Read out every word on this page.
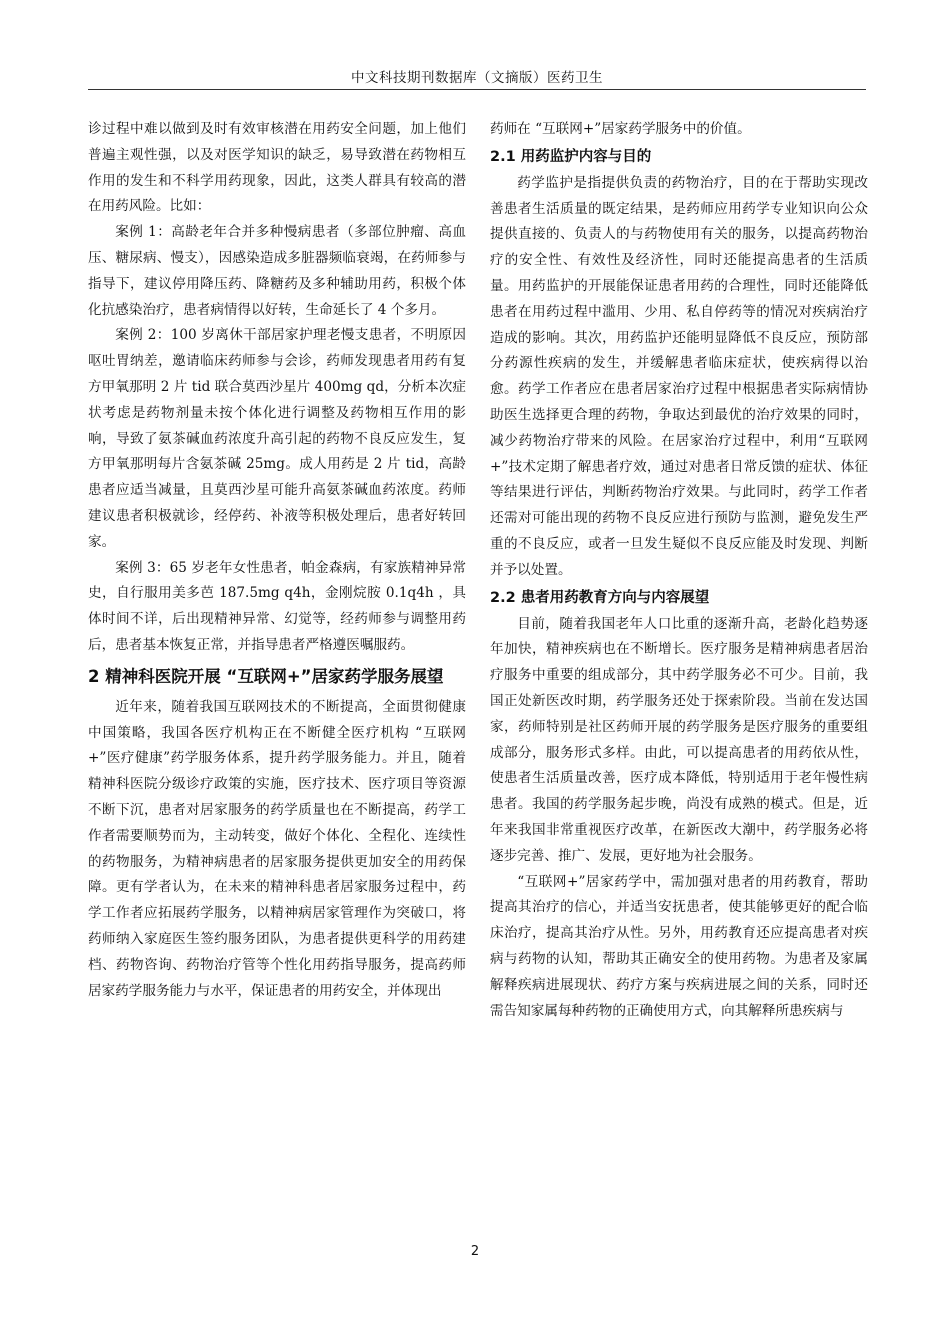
中文科技期刊数据库（文摘版）医药卫生

诊过程中难以做到及时有效审核潜在用药安全问题，加上他们普遍主观性强，以及对医学知识的缺乏，易导致潜在药物相互作用的发生和不科学用药现象，因此，这类人群具有较高的潜在用药风险。比如：

案例 1：高龄老年合并多种慢病患者（多部位肿瘤、高血压、糖尿病、慢支），因感染造成多脏器频临衰竭，在药师参与指导下，建议停用降压药、降糖药及多种辅助用药，积极个体化抗感染治疗，患者病情得以好转，生命延长了 4 个多月。

案例 2：100 岁离休干部居家护理老慢支患者，不明原因呕吐胃纳差，邀请临床药师参与会诊，药师发现患者用药有复方甲氧那明 2 片 tid 联合莫西沙星片 400mg qd，分析本次症状考虑是药物剂量未按个体化进行调整及药物相互作用的影响，导致了氨茶碱血药浓度升高引起的药物不良反应发生，复方甲氧那明每片含氨茶碱 25mg。成人用药是 2 片 tid，高龄患者应适当减量，且莫西沙星可能升高氨茶碱血药浓度。药师建议患者积极就诊，经停药、补液等积极处理后，患者好转回家。

案例 3：65 岁老年女性患者，帕金森病，有家族精神异常史，自行服用美多芭 187.5mg q4h，金刚烷胺 0.1q4h ，具体时间不详，后出现精神异常、幻觉等，经药师参与调整用药后，患者基本恢复正常，并指导患者严格遵医嘱服药。

2 精神科医院开展 “互联网+”居家药学服务展望

近年来，随着我国互联网技术的不断提高，全面贯彻健康中国策略，我国各医疗机构正在不断健全医疗机构 “互联网+”医疗健康”药学服务体系，提升药学服务能力。并且，随着精神科医院分级诊疗政策的实施，医疗技术、医疗项目等资源不断下沉，患者对居家服务的药学质量也在不断提高，药学工作者需要顺势而为，主动转变，做好个体化、全程化、连续性的药物服务，为精神病患者的居家服务提供更加安全的用药保障。更有学者认为，在未来的精神科患者居家服务过程中，药学工作者应拓展药学服务，以精神病居家管理作为突破口，将药师纳入家庭医生签约服务团队，为患者提供更科学的用药建档、药物咨询、药物治疗管等个性化用药指导服务，提高药师居家药学服务能力与水平，保证患者的用药安全，并体现出

药师在 “互联网+”居家药学服务中的价值。

2.1 用药监护内容与目的

药学监护是指提供负责的药物治疗，目的在于帮助实现改善患者生活质量的既定结果，是药师应用药学专业知识向公众提供直接的、负责人的与药物使用有关的服务，以提高药物治疗的安全性、有效性及经济性，同时还能提高患者的生活质量。用药监护的开展能保证患者用药的合理性，同时还能降低患者在用药过程中滥用、少用、私自停药等的情况对疾病治疗造成的影响。其次，用药监护还能明显降低不良反应，预防部分药源性疾病的发生，并缓解患者临床症状，使疾病得以治愈。药学工作者应在患者居家治疗过程中根据患者实际病情协助医生选择更合理的药物，争取达到最优的治疗效果的同时，减少药物治疗带来的风险。在居家治疗过程中，利用“互联网+”技术定期了解患者疗效，通过对患者日常反馈的症状、体征等结果进行评估，判断药物治疗效果。与此同时，药学工作者还需对可能出现的药物不良反应进行预防与监测，避免发生严重的不良反应，或者一旦发生疑似不良反应能及时发现、判断并予以处置。

2.2 患者用药教育方向与内容展望

目前，随着我国老年人口比重的逐渐升高，老龄化趋势逐年加快，精神疾病也在不断增长。医疗服务是精神病患者居治疗服务中重要的组成部分，其中药学服务必不可少。目前，我国正处新医改时期，药学服务还处于探索阶段。当前在发达国家，药师特别是社区药师开展的药学服务是医疗服务的重要组成部分，服务形式多样。由此，可以提高患者的用药依从性，使患者生活质量改善，医疗成本降低，特别适用于老年慢性病患者。我国的药学服务起步晚，尚没有成熟的模式。但是，近年来我国非常重视医疗改革，在新医改大潮中，药学服务必将逐步完善、推广、发展，更好地为社会服务。

“互联网+”居家药学中，需加强对患者的用药教育，帮助提高其治疗的信心，并适当安抚患者，使其能够更好的配合临床治疗，提高其治疗从性。另外，用药教育还应提高患者对疾病与药物的认知，帮助其正确安全的使用药物。为患者及家属解释疾病进展现状、药疗方案与疾病进展之间的关系，同时还需告知家属每种药物的正确使用方式，向其解释所患疾病与

2
